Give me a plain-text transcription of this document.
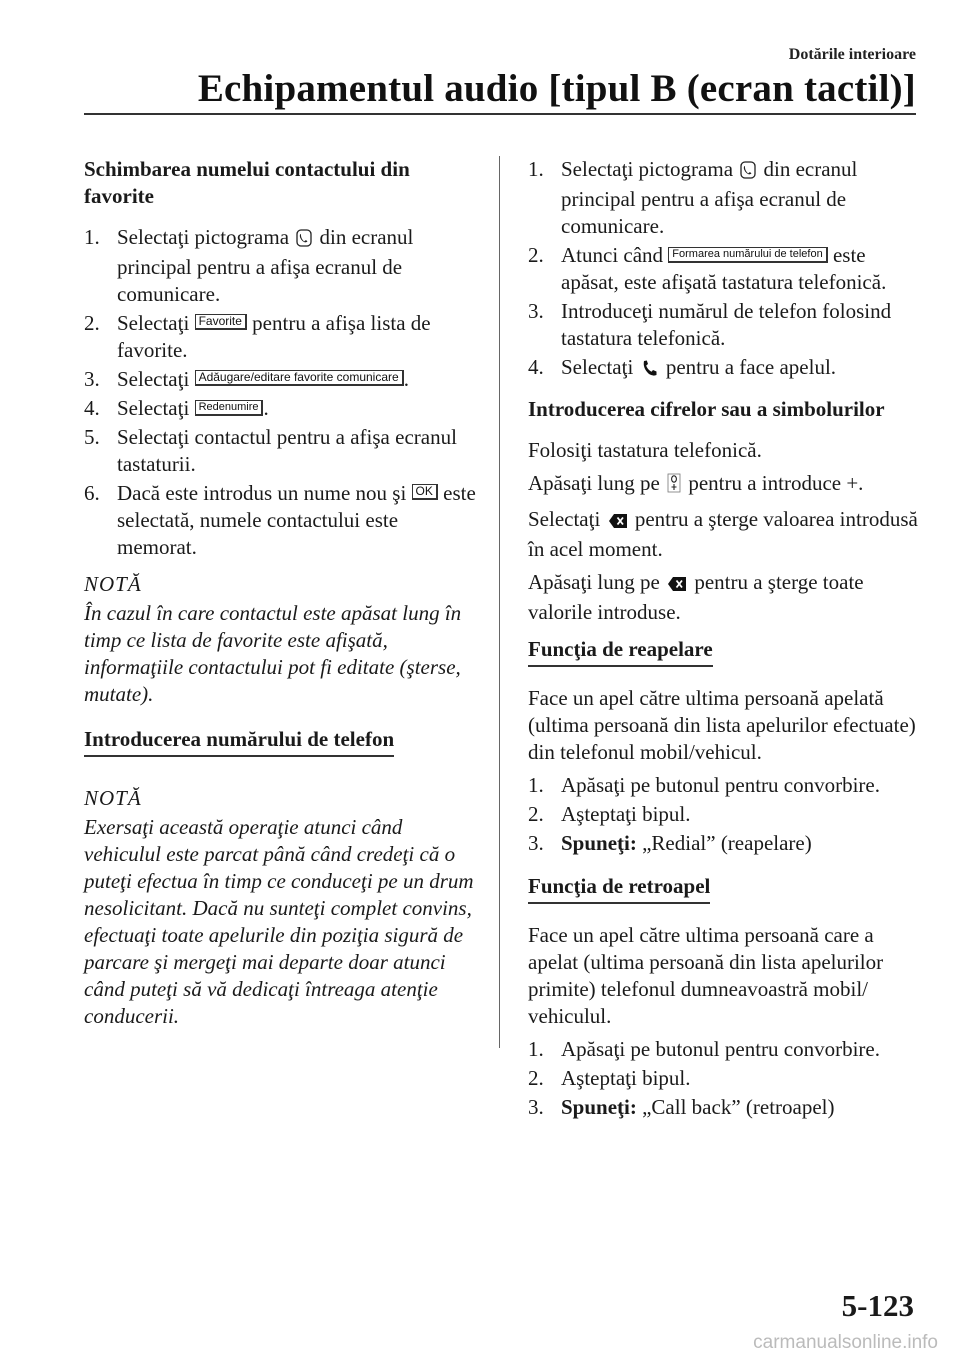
Dotările interioare
Echipamentul audio [tipul B (ecran tactil)]
Schimbarea numelui contactului din favorite
1. Selectaţi pictograma din ecranul principal pentru a afişa ecranul de comunicare.
2. Selectaţi Favorite pentru a afişa lista de favorite.
3. Selectaţi Adăugare/editare favorite comunicare .
4. Selectaţi Redenumire .
5. Selectaţi contactul pentru a afişa ecranul tastaturii.
6. Dacă este introdus un nume nou şi OK este selectată, numele contactului este memorat.
NOTĂ
În cazul în care contactul este apăsat lung în timp ce lista de favorite este afişată, informaţiile contactului pot fi editate (şterse, mutate).
Introducerea numărului de telefon
NOTĂ
Exersaţi această operaţie atunci când vehiculul este parcat până când credeţi că o puteţi efectua în timp ce conduceţi pe un drum nesolicitant. Dacă nu sunteţi complet convins, efectuaţi toate apelurile din poziţia sigură de parcare şi mergeţi mai departe doar atunci când puteţi să vă dedicaţi întreaga atenţie conducerii.
1. Selectaţi pictograma din ecranul principal pentru a afişa ecranul de comunicare.
2. Atunci când Formarea numărului de telefon este apăsat, este afişată tastatura telefonică.
3. Introduceţi numărul de telefon folosind tastatura telefonică.
4. Selectaţi pentru a face apelul.
Introducerea cifrelor sau a simbolurilor
Folosiţi tastatura telefonică.
Apăsaţi lung pe pentru a introduce +.
Selectaţi pentru a şterge valoarea introdusă în acel moment.
Apăsaţi lung pe pentru a şterge toate valorile introduse.
Funcţia de reapelare
Face un apel către ultima persoană apelată (ultima persoană din lista apelurilor efectuate) din telefonul mobil/vehicul.
1. Apăsaţi pe butonul pentru convorbire.
2. Aşteptaţi bipul.
3. Spuneţi: „Redial” (reapelare)
Funcţia de retroapel
Face un apel către ultima persoană care a apelat (ultima persoană din lista apelurilor primite) telefonul dumneavoastră mobil/ vehiculul.
1. Apăsaţi pe butonul pentru convorbire.
2. Aşteptaţi bipul.
3. Spuneţi: „Call back” (retroapel)
5-123
carmanualsonline.info
